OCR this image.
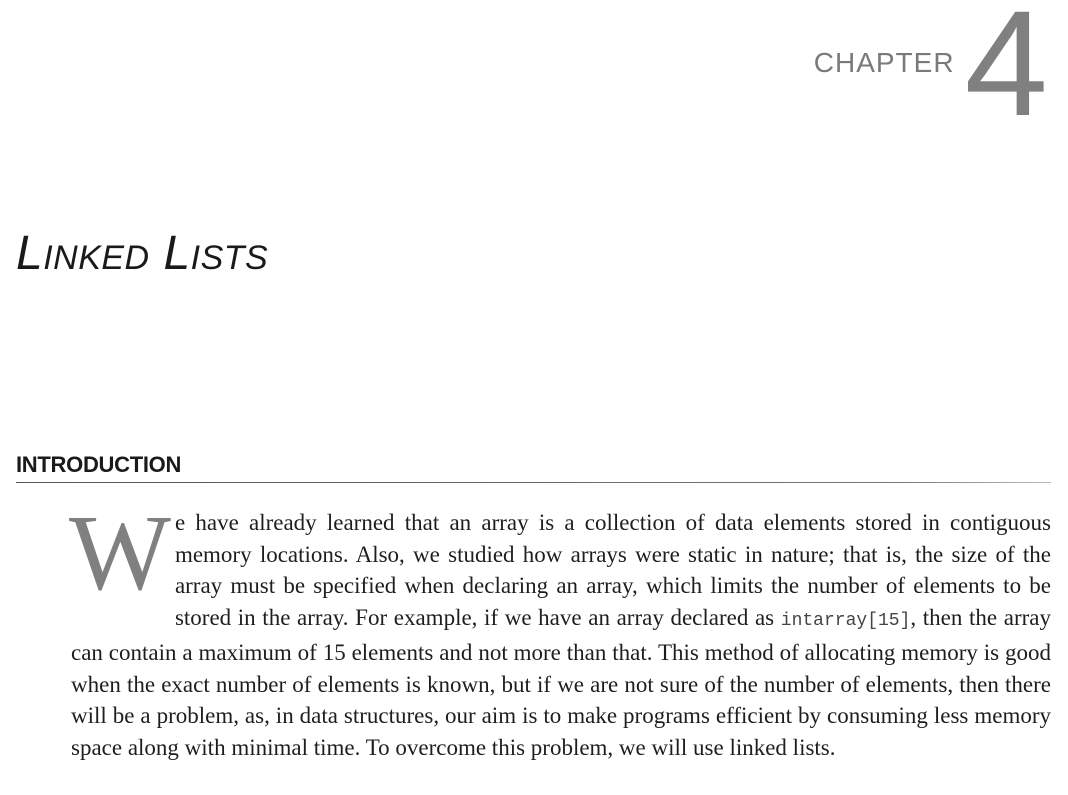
CHAPTER 4
Linked Lists
INTRODUCTION

We have already learned that an array is a collection of data elements stored in contiguous memory locations. Also, we studied how arrays were static in nature; that is, the size of the array must be specified when declaring an array, which limits the number of elements to be stored in the array. For example, if we have an array declared as intarray[15], then the array can contain a maximum of 15 elements and not more than that. This method of allocating memory is good when the exact number of elements is known, but if we are not sure of the number of elements, then there will be a problem, as, in data structures, our aim is to make programs efficient by consuming less memory space along with minimal time. To overcome this problem, we will use linked lists.
